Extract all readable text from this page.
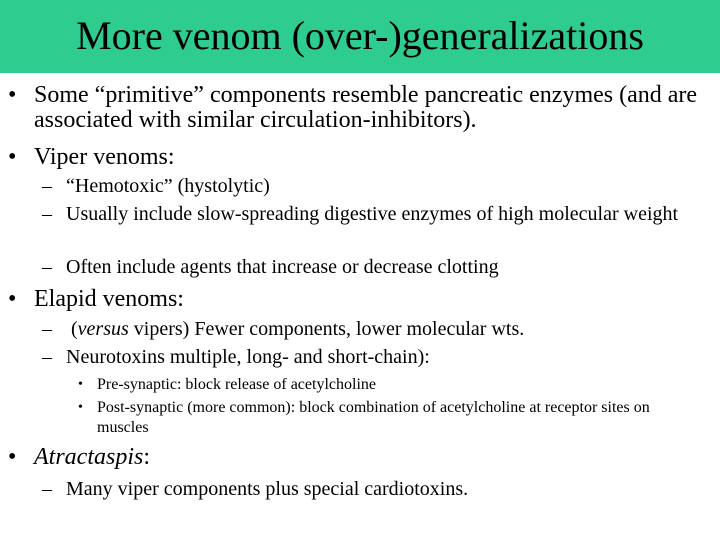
More venom (over-)generalizations
• Some “primitive” components resemble pancreatic enzymes (and are associated with similar circulation-inhibitors).
• Viper venoms:
– “Hemotoxic” (hystolytic)
– Usually include slow-spreading digestive enzymes of high molecular weight
– Often include agents that increase or decrease clotting
• Elapid venoms:
– (versus vipers) Fewer components, lower molecular wts.
– Neurotoxins multiple, long- and short-chain):
• Pre-synaptic: block release of acetylcholine
• Post-synaptic (more common): block combination of acetylcholine at receptor sites on muscles
• Atractaspis:
– Many viper components plus special cardiotoxins.
